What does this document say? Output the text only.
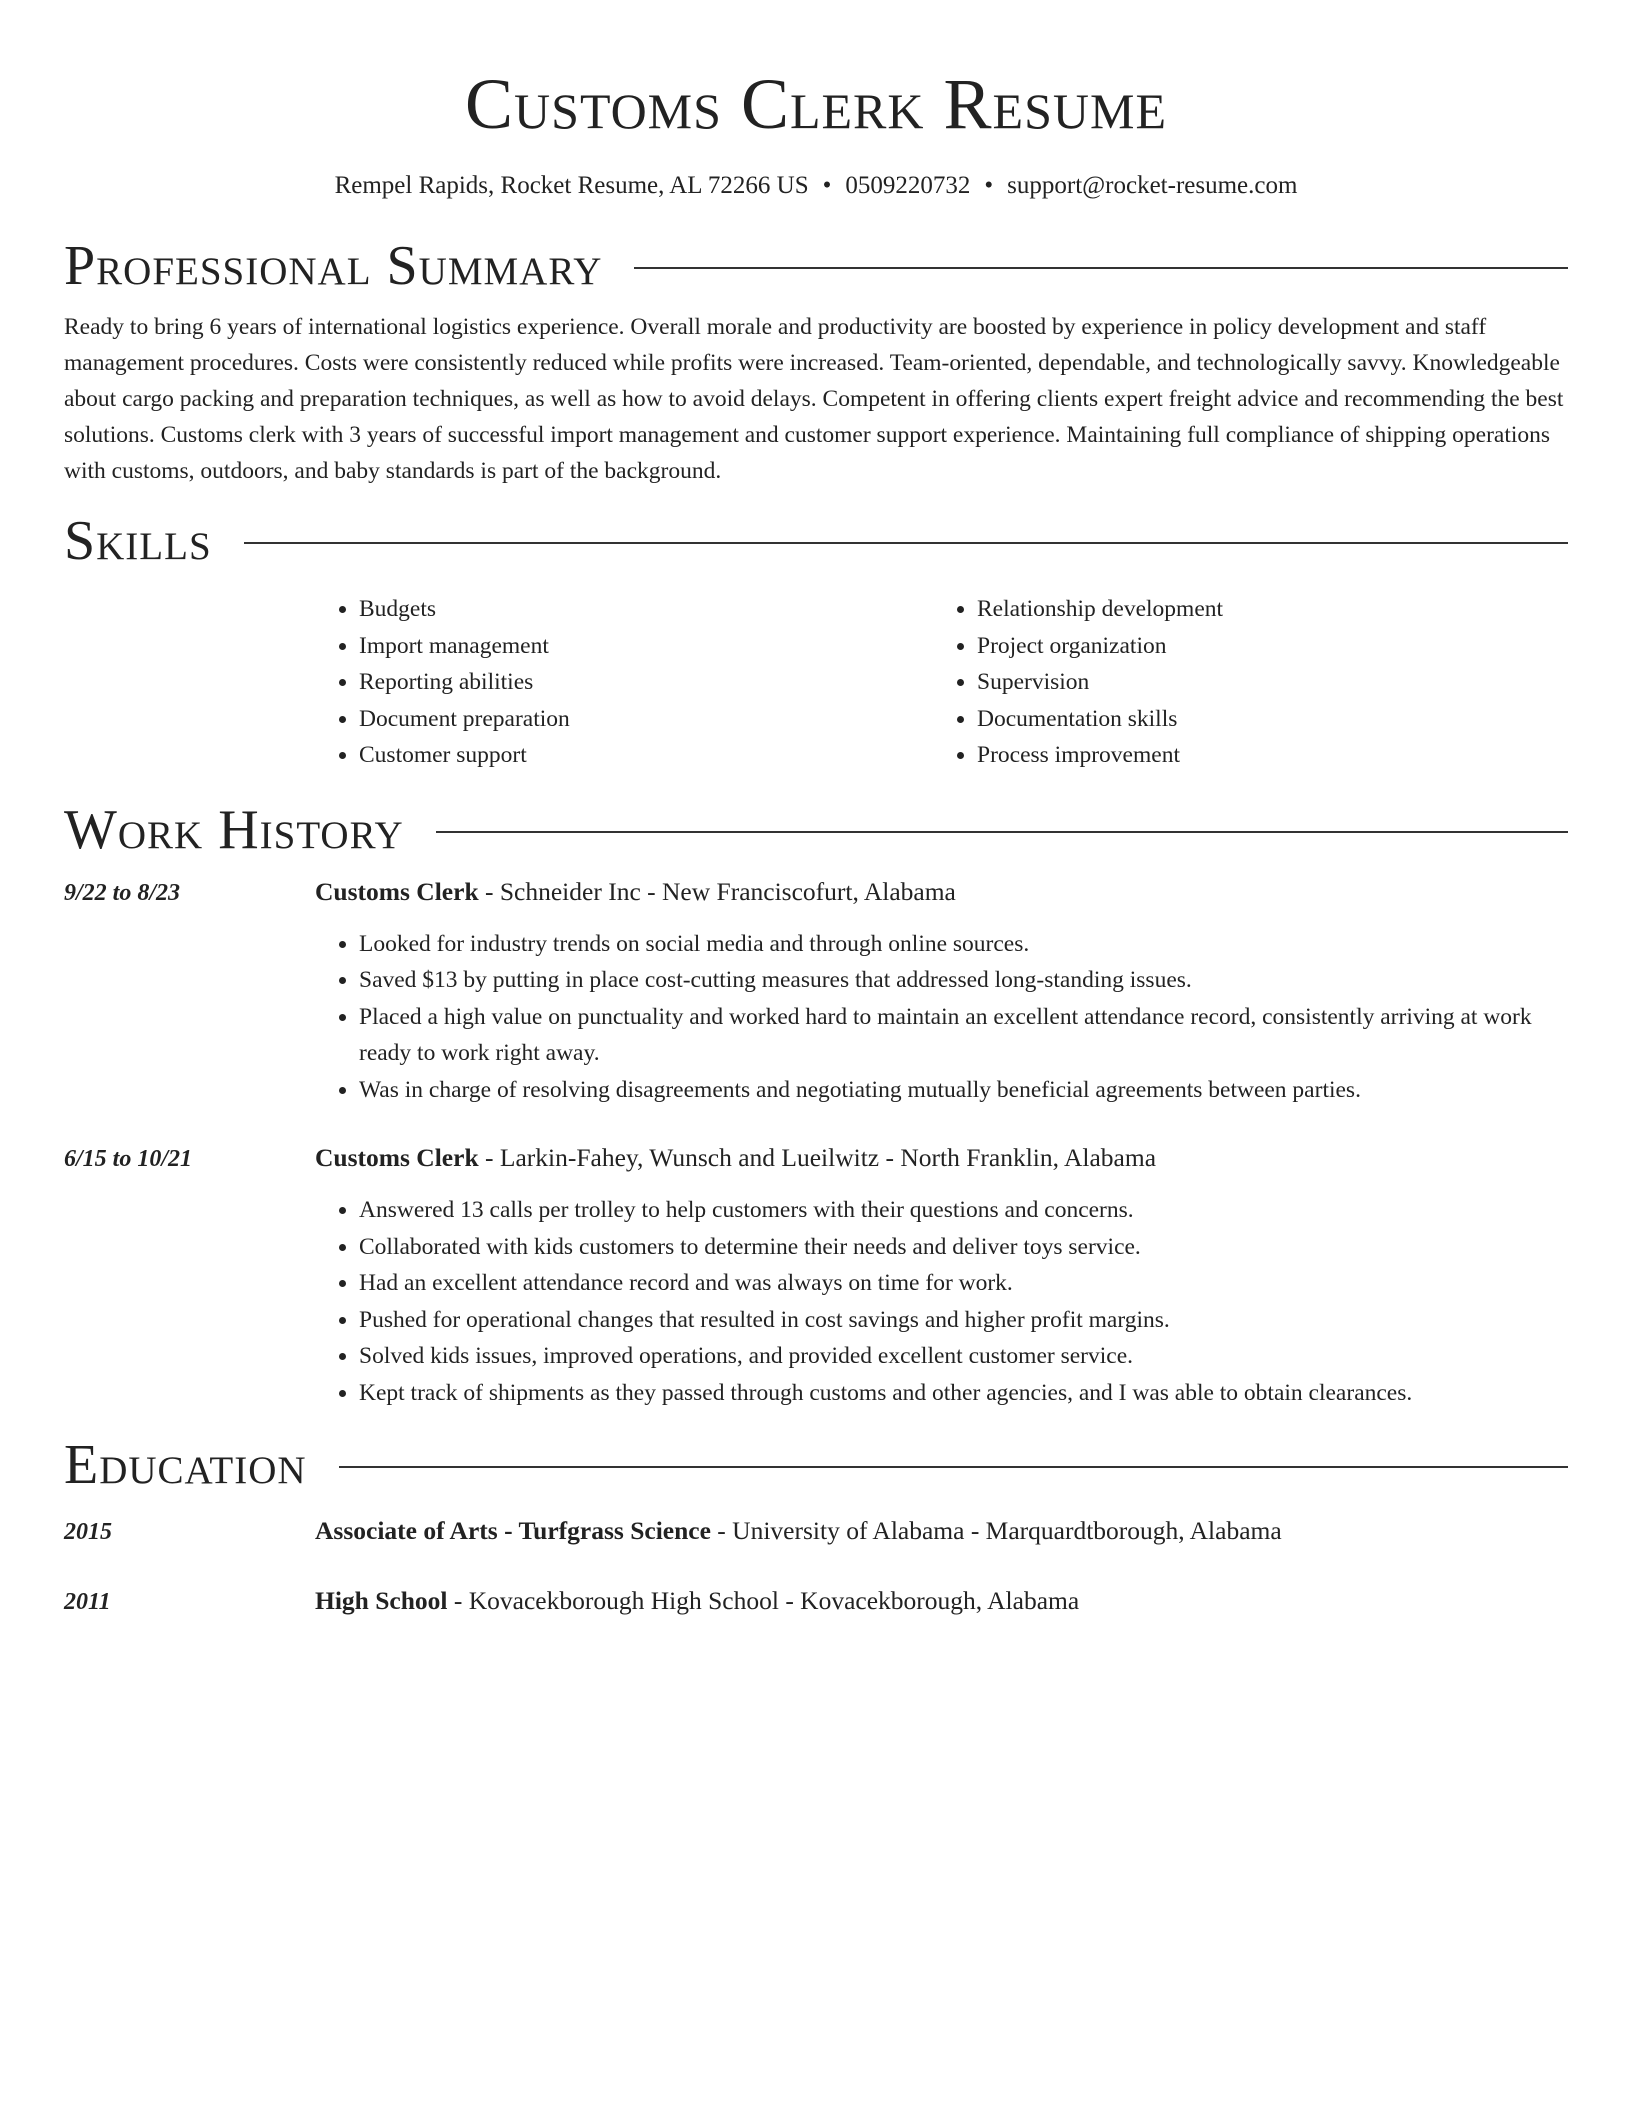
Customs Clerk Resume
Rempel Rapids, Rocket Resume, AL 72266 US • 0509220732 • support@rocket-resume.com
Professional Summary

Ready to bring 6 years of international logistics experience. Overall morale and productivity are boosted by experience in policy development and staff management procedures. Costs were consistently reduced while profits were increased. Team-oriented, dependable, and technologically savvy. Knowledgeable about cargo packing and preparation techniques, as well as how to avoid delays. Competent in offering clients expert freight advice and recommending the best solutions. Customs clerk with 3 years of successful import management and customer support experience. Maintaining full compliance of shipping operations with customs, outdoors, and baby standards is part of the background.

Skills
• Budgets
• Import management
• Reporting abilities
• Document preparation
• Customer support
• Relationship development
• Project organization
• Supervision
• Documentation skills
• Process improvement
Work History
9/22 to 8/23	Customs Clerk - Schneider Inc - New Franciscofurt, Alabama
• Looked for industry trends on social media and through online sources.
• Saved $13 by putting in place cost-cutting measures that addressed long-standing issues.
• Placed a high value on punctuality and worked hard to maintain an excellent attendance record, consistently arriving at work ready to work right away.
• Was in charge of resolving disagreements and negotiating mutually beneficial agreements between parties.
6/15 to 10/21	Customs Clerk - Larkin-Fahey, Wunsch and Lueilwitz - North Franklin, Alabama
• Answered 13 calls per trolley to help customers with their questions and concerns.
• Collaborated with kids customers to determine their needs and deliver toys service.
• Had an excellent attendance record and was always on time for work.
• Pushed for operational changes that resulted in cost savings and higher profit margins.
• Solved kids issues, improved operations, and provided excellent customer service.
• Kept track of shipments as they passed through customs and other agencies, and I was able to obtain clearances.
Education
2015	Associate of Arts - Turfgrass Science - University of Alabama - Marquardtborough, Alabama
2011	High School - Kovacekborough High School - Kovacekborough, Alabama
